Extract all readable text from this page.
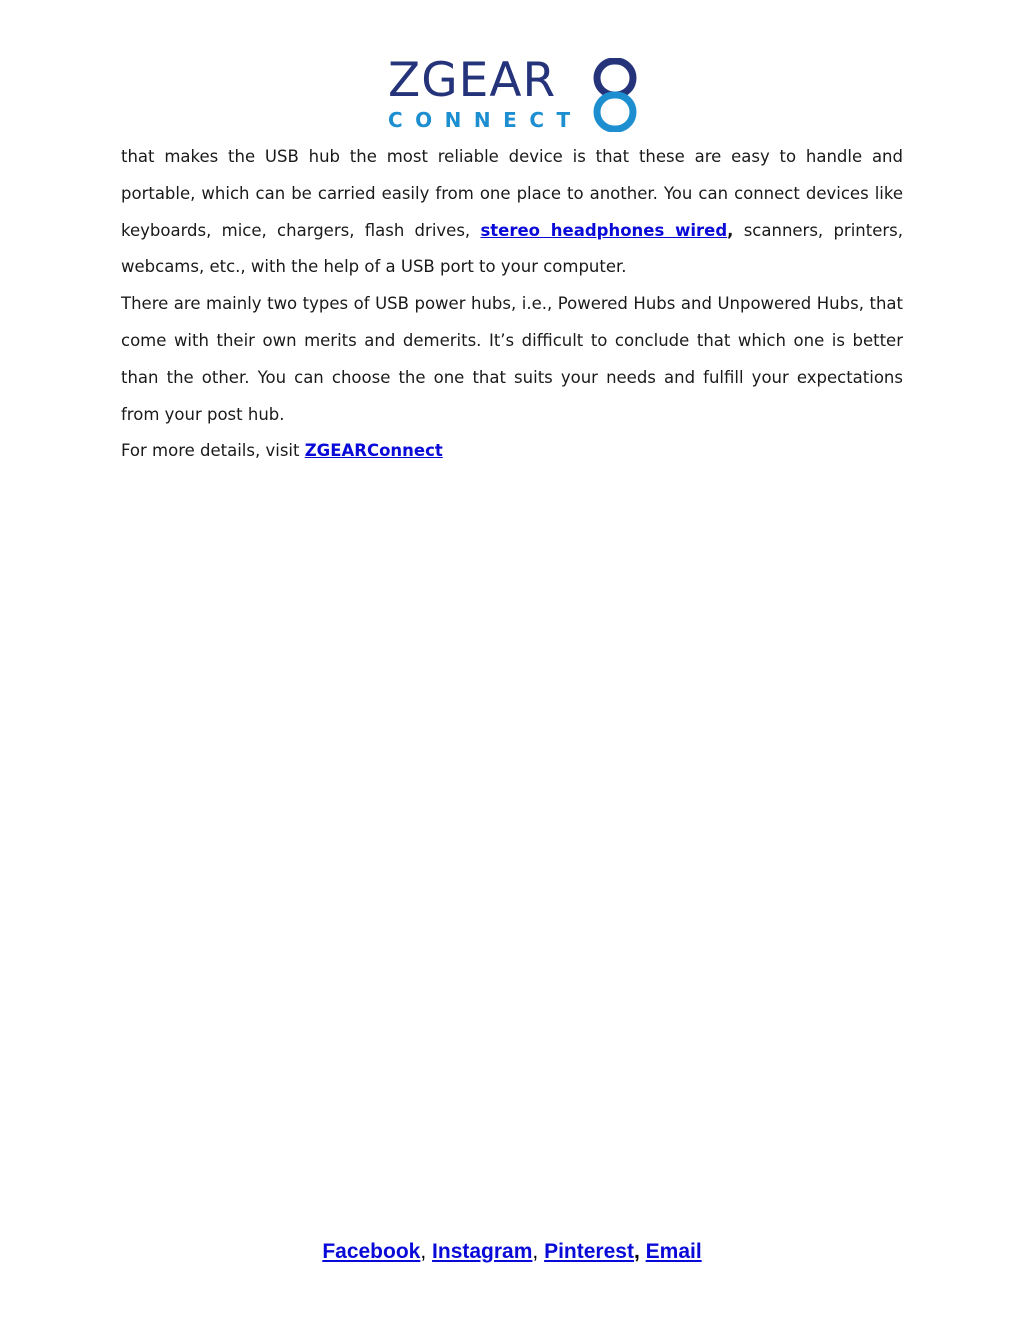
ZGEAR
CONNECT

that makes the USB hub the most reliable device is that these are easy to handle and portable, which can be carried easily from one place to another. You can connect devices like keyboards, mice, chargers, flash drives, stereo headphones wired, scanners, printers, webcams, etc., with the help of a USB port to your computer.

There are mainly two types of USB power hubs, i.e., Powered Hubs and Unpowered Hubs, that come with their own merits and demerits. It’s difficult to conclude that which one is better than the other. You can choose the one that suits your needs and fulfill your expectations from your post hub.

For more details, visit ZGEARConnect

Facebook, Instagram, Pinterest, Email
